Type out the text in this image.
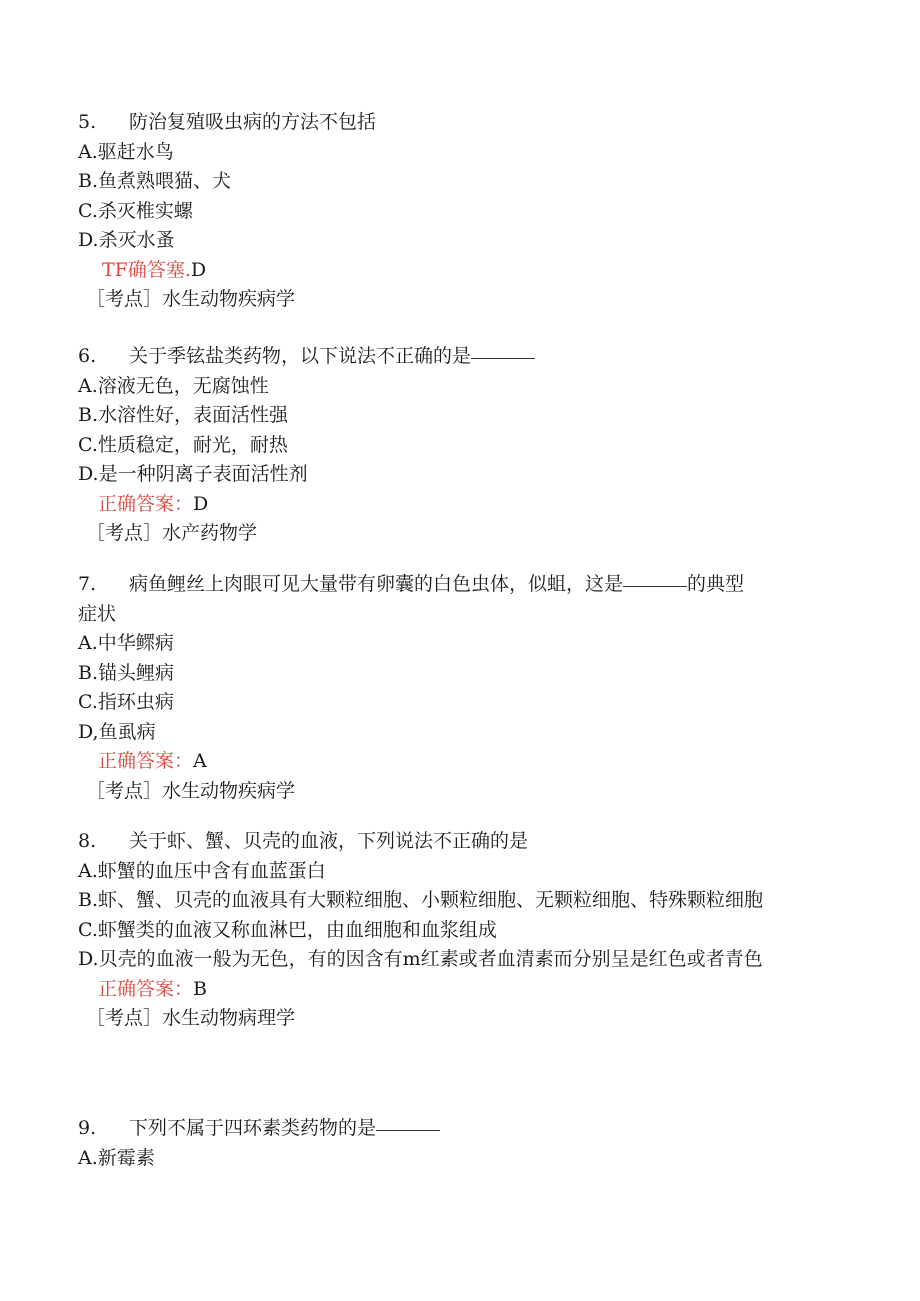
5. 防治复殖吸虫病的方法不包括
A.驱赶水鸟
B.鱼煮熟喂猫、犬
C.杀灭椎实螺
D.杀灭水蚤
TF确答塞.D
［考点］水生动物疾病学
6. 关于季铉盐类药物，以下说法不正确的是
A.溶液无色，无腐蚀性
B.水溶性好，表面活性强
C.性质稳定，耐光，耐热
D.是一种阴离子表面活性剂
正确答案：D
［考点］水产药物学
7. 病鱼鲤丝上肉眼可见大量带有卵囊的白色虫体，似蛆，这是	的典型
症状
A.中华鳏病
B.锚头鲤病
C.指环虫病
D,鱼虱病
正确答案：A
［考点］水生动物疾病学
8. 关于虾、蟹、贝壳的血液，下列说法不正确的是
A.虾蟹的血压中含有血蓝蛋白
B.虾、蟹、贝壳的血液具有大颗粒细胞、小颗粒细胞、无颗粒细胞、特殊颗粒细胞
C.虾蟹类的血液又称血淋巴，由血细胞和血浆组成
D.贝壳的血液一般为无色，有的因含有m红素或者血清素而分别呈是红色或者青色
正确答案：B
［考点］水生动物病理学
9. 下列不属于四环素类药物的是
A.新霉素
